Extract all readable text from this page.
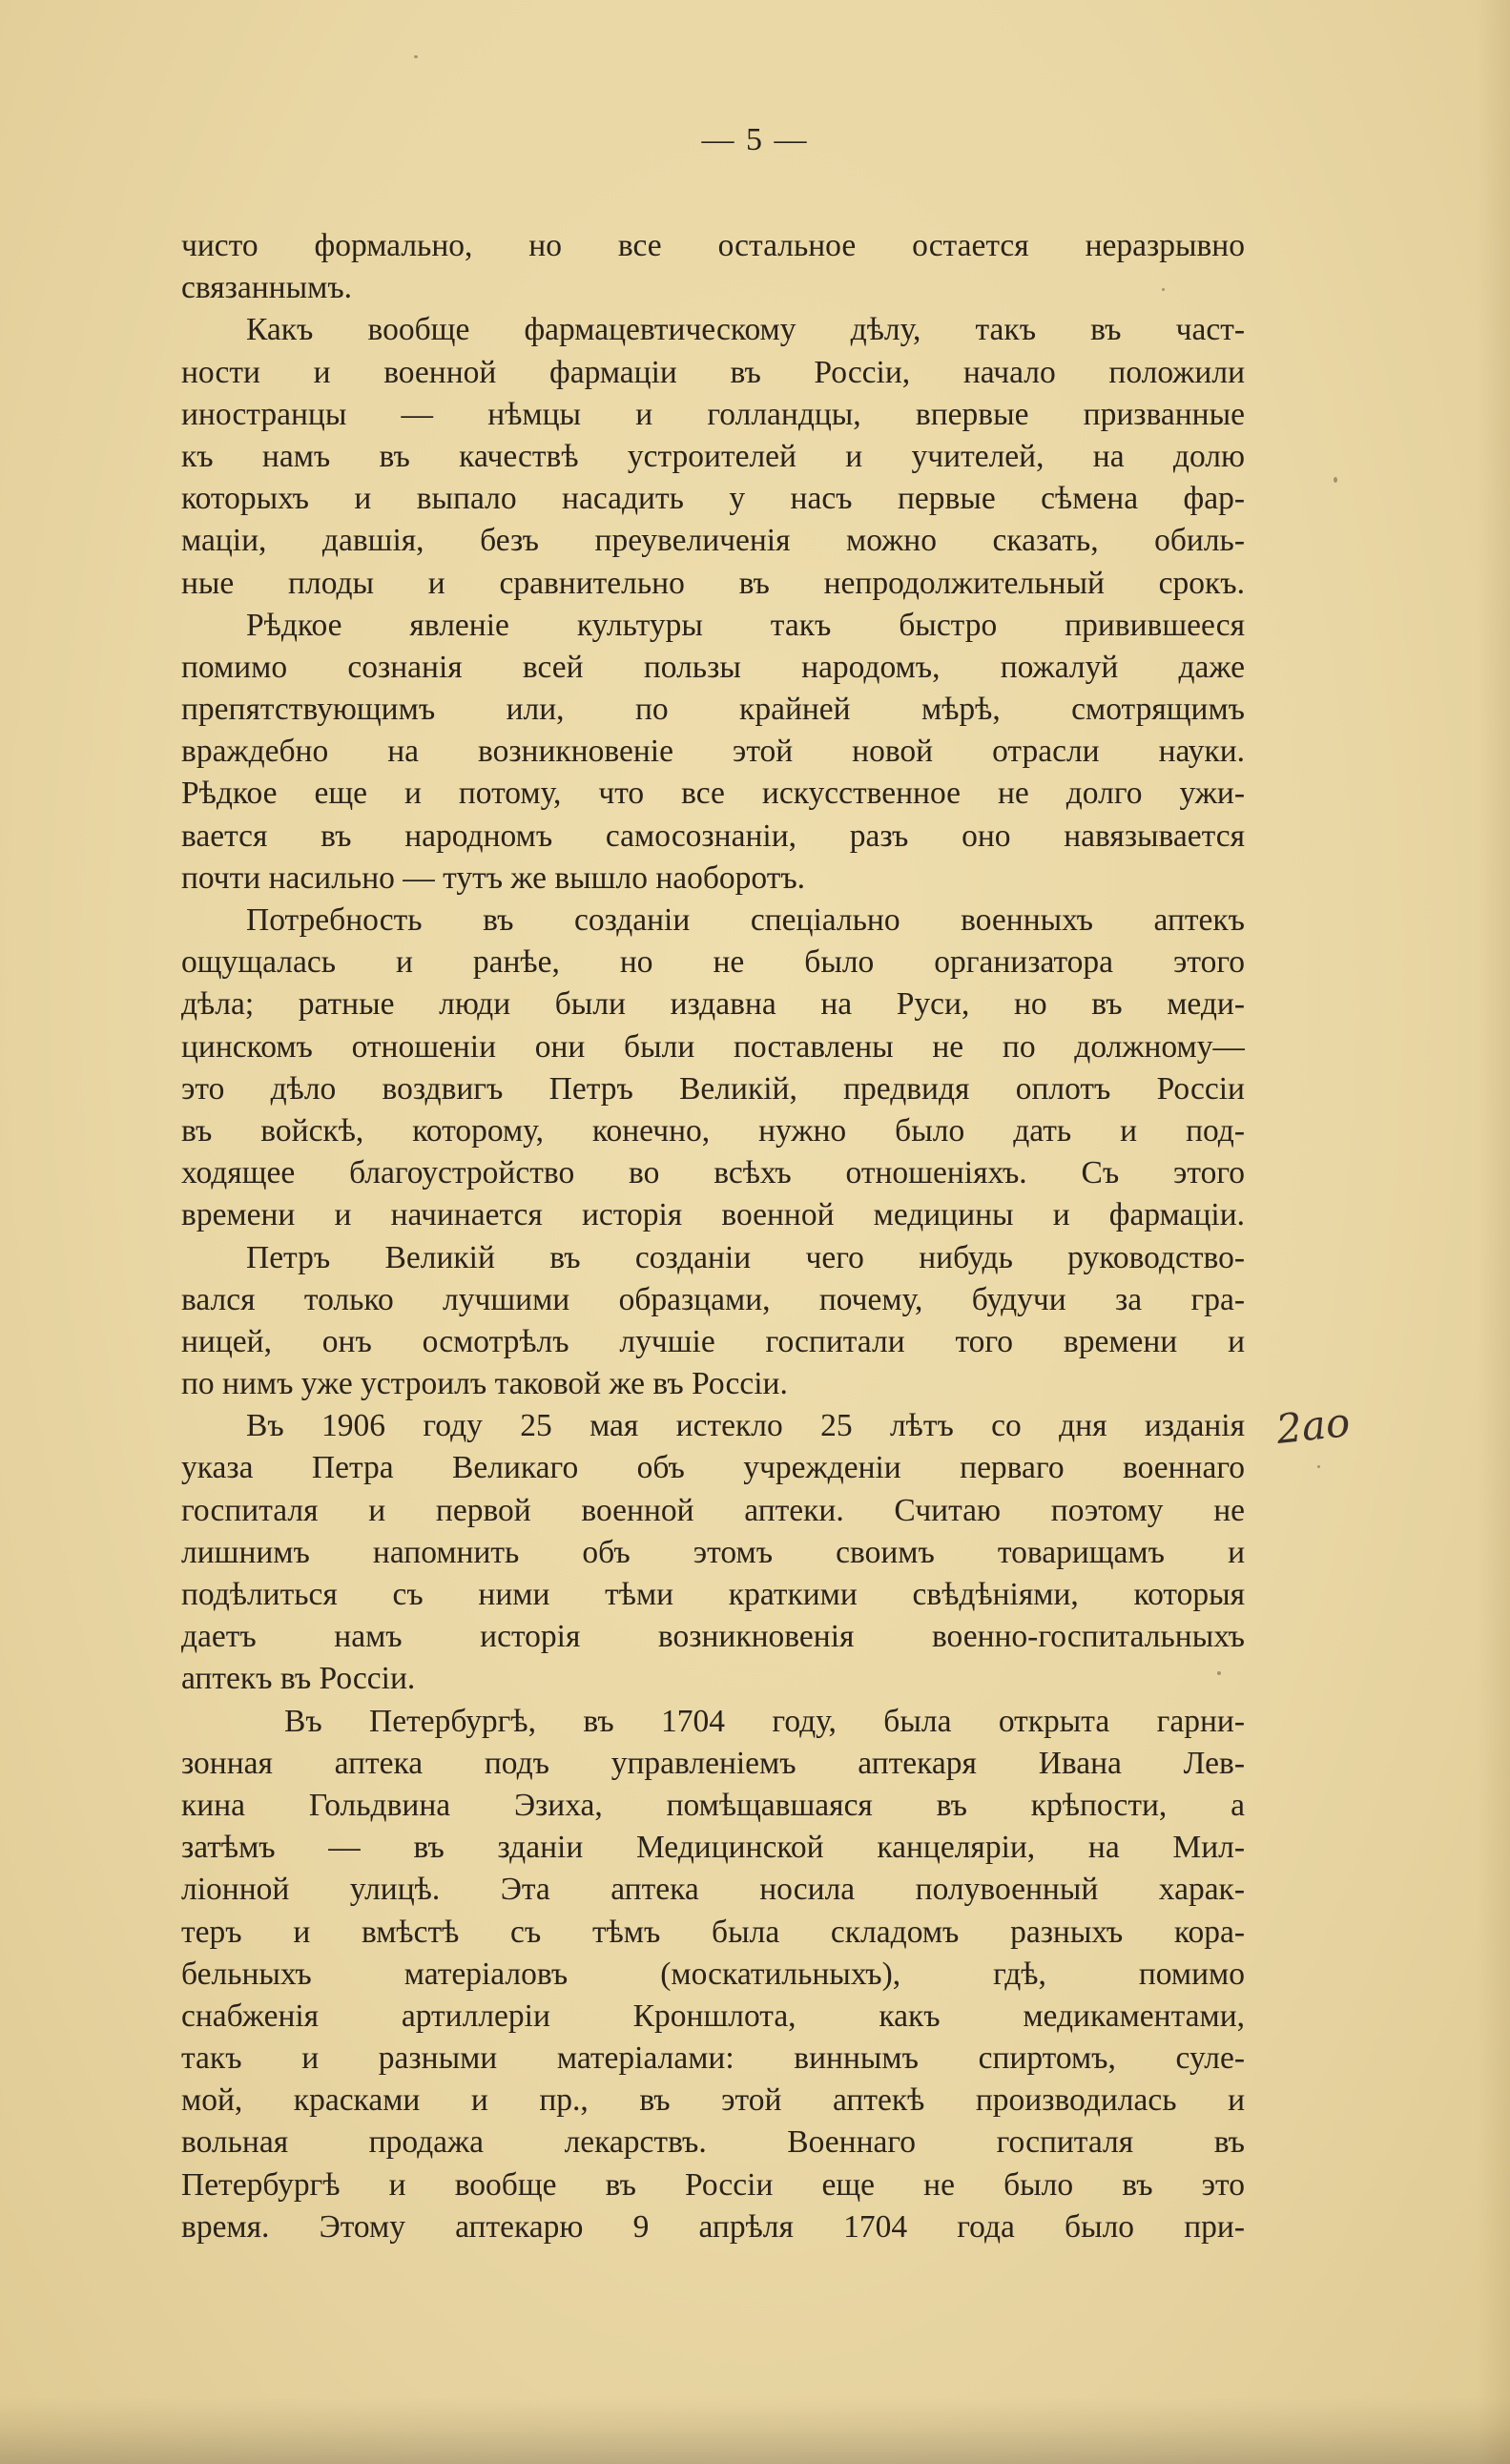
— 5 —
чисто формально, но все остальное остается неразрывно
связаннымъ.
Какъ вообще фармацевтическому дѣлу, такъ въ част-
ности и военной фармаціи въ Россіи, начало положили
иностранцы — нѣмцы и голландцы, впервые призванные
къ намъ въ качествѣ устроителей и учителей, на долю
которыхъ и выпало насадить у насъ первые сѣмена фар-
маціи, давшія, безъ преувеличенія можно сказать, обиль-
ные плоды и сравнительно въ непродолжительный срокъ.
Рѣдкое явленіе культуры такъ быстро привившееся
помимо сознанія всей пользы народомъ, пожалуй даже
препятствующимъ или, по крайней мѣрѣ, смотрящимъ
враждебно на возникновеніе этой новой отрасли науки.
Рѣдкое еще и потому, что все искусственное не долго ужи-
вается въ народномъ самосознаніи, разъ оно навязывается
почти насильно — тутъ же вышло наоборотъ.
Потребность въ созданіи спеціально военныхъ аптекъ
ощущалась и ранѣе, но не было организатора этого
дѣла; ратные люди были издавна на Руси, но въ меди-
цинскомъ отношеніи они были поставлены не по должному—
это дѣло воздвигъ Петръ Великій, предвидя оплотъ Россіи
въ войскѣ, которому, конечно, нужно было дать и под-
ходящее благоустройство во всѣхъ отношеніяхъ. Съ этого
времени и начинается исторія военной медицины и фармаціи.
Петръ Великій въ созданіи чего нибудь руководство-
вался только лучшими образцами, почему, будучи за гра-
ницей, онъ осмотрѣлъ лучшіе госпитали того времени и
по нимъ уже устроилъ таковой же въ Россіи.
Въ 1906 году 25 мая истекло 25 лѣтъ со дня изданія
указа Петра Великаго объ учрежденіи перваго военнаго
госпиталя и первой военной аптеки. Считаю поэтому не
лишнимъ напомнить объ этомъ своимъ товарищамъ и
подѣлиться съ ними тѣми краткими свѣдѣніями, которыя
даетъ намъ исторія возникновенія военно-госпитальныхъ
аптекъ въ Россіи.
Въ Петербургѣ, въ 1704 году, была открыта гарни-
зонная аптека подъ управленіемъ аптекаря Ивана Лев-
кина Гольдвина Эзиха, помѣщавшаяся въ крѣпости, а
затѣмъ — въ зданіи Медицинской канцеляріи, на Мил-
ліонной улицѣ. Эта аптека носила полувоенный харак-
теръ и вмѣстѣ съ тѣмъ была складомъ разныхъ кора-
бельныхъ матеріаловъ (москатильныхъ), гдѣ, помимо
снабженія артиллеріи Кроншлота, какъ медикаментами,
такъ и разными матеріалами: виннымъ спиртомъ, суле-
мой, красками и пр., въ этой аптекѣ производилась и
вольная продажа лекарствъ. Военнаго госпиталя въ
Петербургѣ и вообще въ Россіи еще не было въ это
время. Этому аптекарю 9 апрѣля 1704 года было при-
2ao
